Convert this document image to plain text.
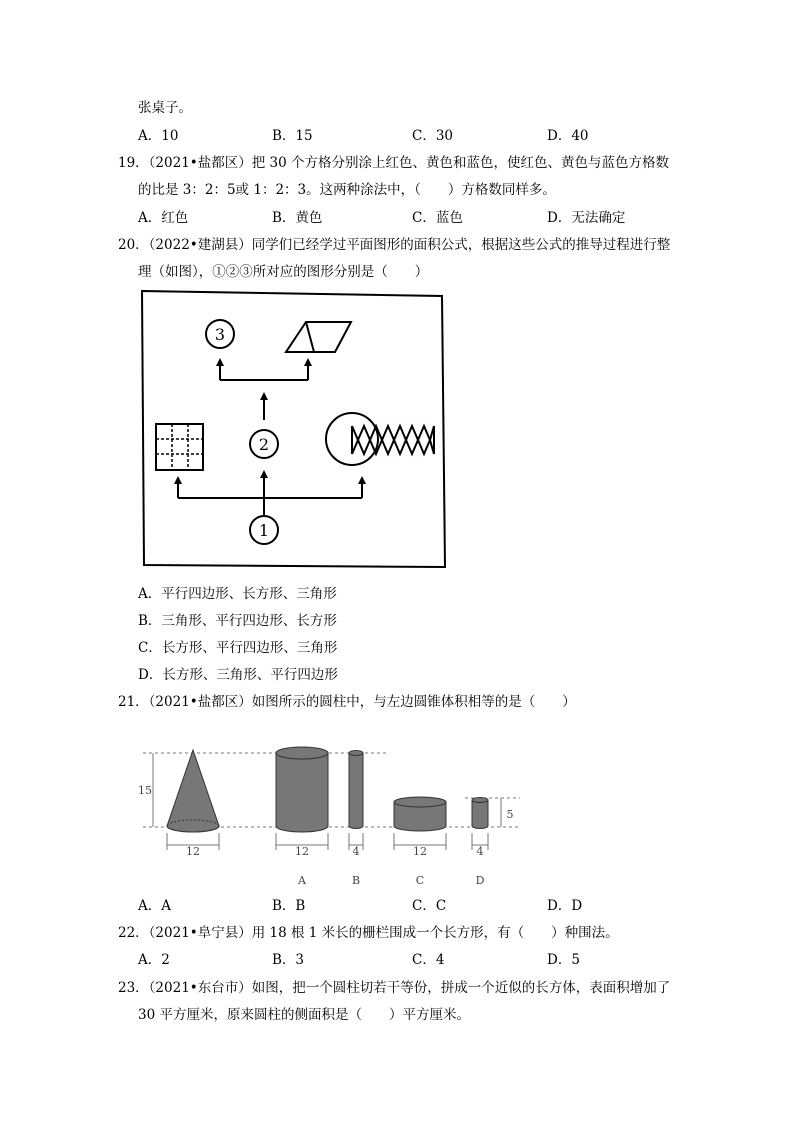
张桌子。
A．10	B．15	C．30	D．40
19．（2021•盐都区）把 30 个方格分别涂上红色、黄色和蓝色，使红色、黄色与蓝色方格数
的比是 3：2：5或 1：2：3。这两种涂法中，（　　）方格数同样多。
A．红色	B．黄色	C．蓝色	D．无法确定
20．（2022•建湖县）同学们已经学过平面图形的面积公式，根据这些公式的推导过程进行整
理（如图），①②③所对应的图形分别是（　　）
3
2
1
A．平行四边形、长方形、三角形
B．三角形、平行四边形、长方形
C．长方形、平行四边形、三角形
D．长方形、三角形、平行四边形
21．（2021•盐都区）如图所示的圆柱中，与左边圆锥体积相等的是（　　）
15
12	12
A
4
B
12
C
4
D
5
A．A	B．B	C．C	D．D
22．（2021•阜宁县）用 18 根 1 米长的栅栏围成一个长方形，有（　　）种围法。
A．2	B．3	C．4	D．5
23．（2021•东台市）如图，把一个圆柱切若干等份，拼成一个近似的长方体，表面积增加了
30 平方厘米，原来圆柱的侧面积是（　　）平方厘米。
